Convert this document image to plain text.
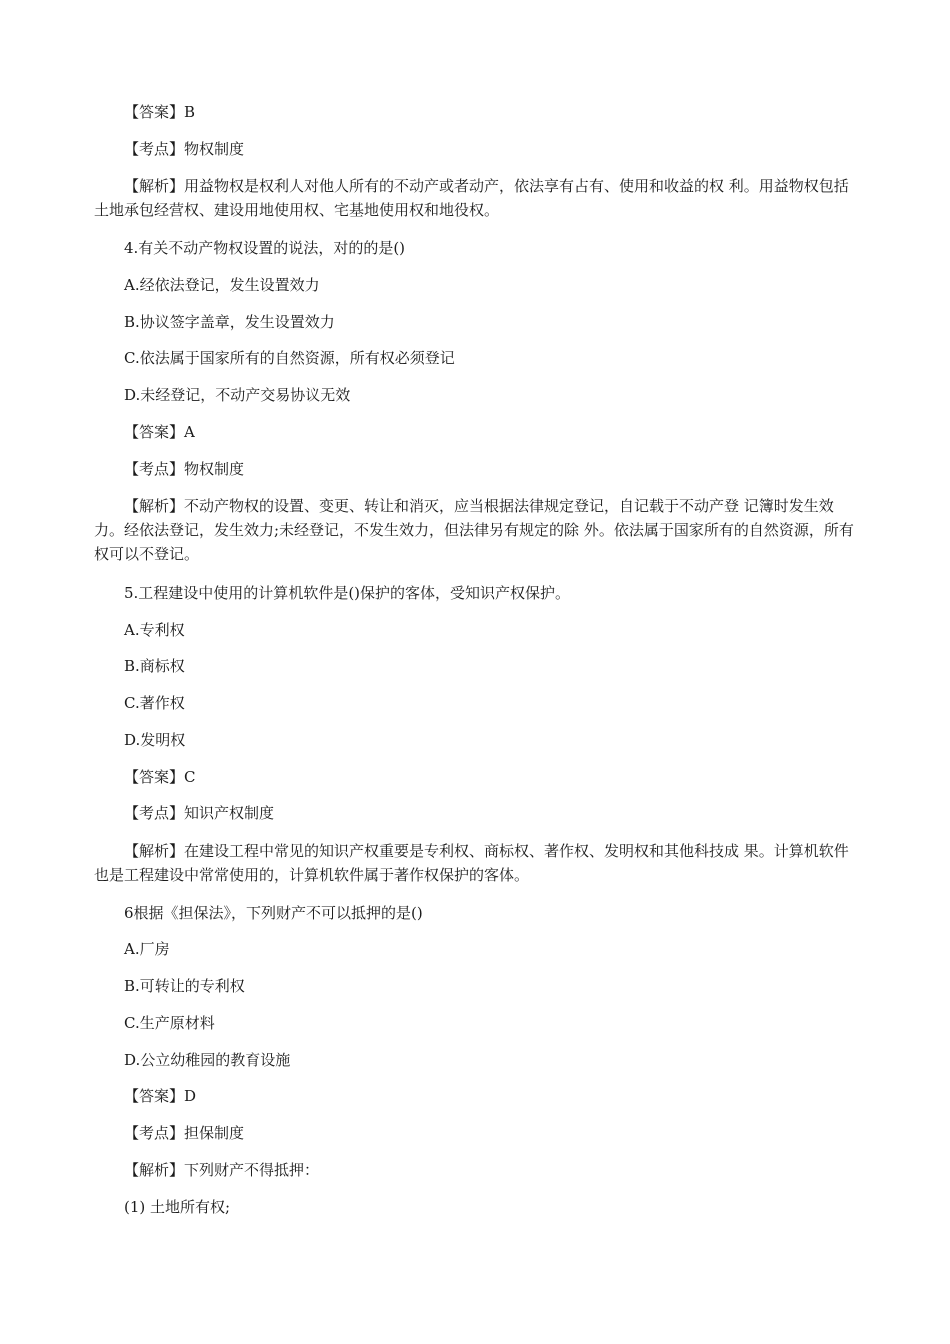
【答案】B
【考点】物权制度
【解析】用益物权是权利人对他人所有的不动产或者动产，依法享有占有、使用和收益的权 利。用益物权包括土地承包经营权、建设用地使用权、宅基地使用权和地役权。
4.有关不动产物权设置的说法，对的的是()
A.经依法登记，发生设置效力
B.协议签字盖章，发生设置效力
C.依法属于国家所有的自然资源，所有权必须登记
D.未经登记，不动产交易协议无效
【答案】A
【考点】物权制度
【解析】不动产物权的设置、变更、转让和消灭，应当根据法律规定登记，自记载于不动产登 记簿时发生效力。经依法登记，发生效力;未经登记，不发生效力，但法律另有规定的除 外。依法属于国家所有的自然资源，所有权可以不登记。
5.工程建设中使用的计算机软件是()保护的客体，受知识产权保护。
A.专利权
B.商标权
C.著作权
D.发明权
【答案】C
【考点】知识产权制度
【解析】在建设工程中常见的知识产权重要是专利权、商标权、著作权、发明权和其他科技成 果。计算机软件也是工程建设中常常使用的，计算机软件属于著作权保护的客体。
6根据《担保法》，下列财产不可以抵押的是()
A.厂房
B.可转让的专利权
C.生产原材料
D.公立幼稚园的教育设施
【答案】D
【考点】担保制度
【解析】下列财产不得抵押：
(1) 土地所有权;
